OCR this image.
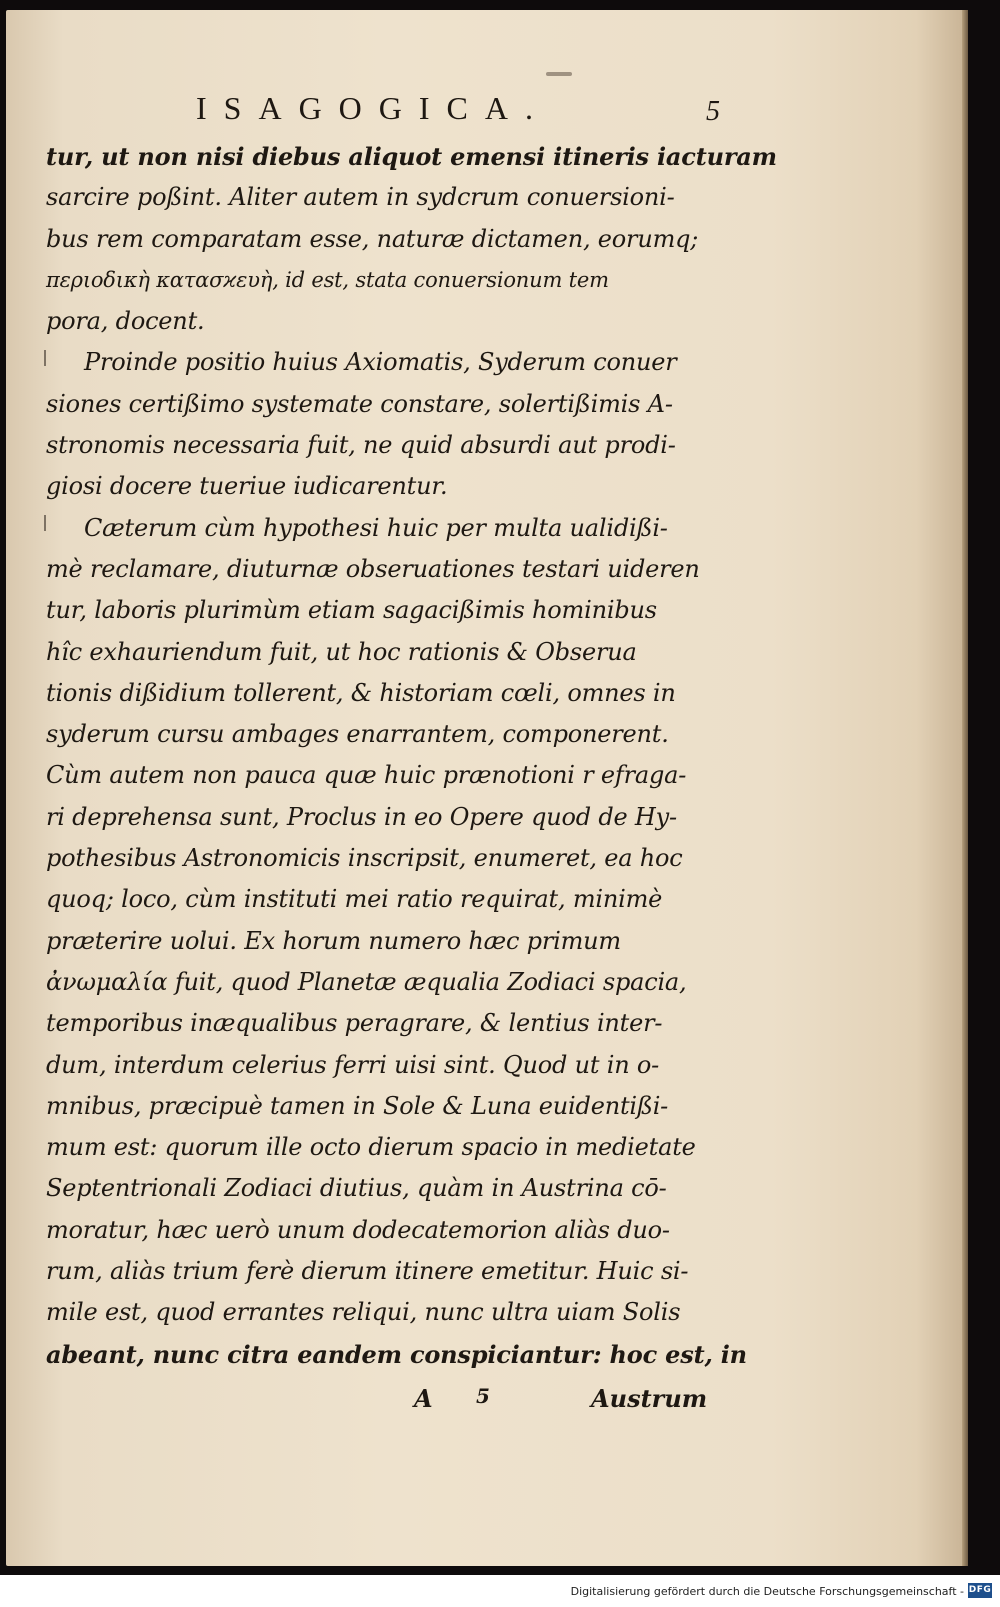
ISAGOGICA.	5
tur, ut non nisi diebus aliquot emensi itineris iacturam
sarcire poßint. Aliter autem in sydcrum conuersioni-
bus rem comparatam esse, naturæ dictamen, eorumq;
περιοδικὴ κατασϰευὴ, id est, stata conuersionum tem
pora, docent.
Proinde positio huius Axiomatis, Syderum conuer
siones certißimo systemate constare, solertißimis A-
stronomis necessaria fuit, ne quid absurdi aut prodi-
giosi docere tueriue iudicarentur.
Cæterum cùm hypothesi huic per multa ualidißi-
mè reclamare, diuturnæ obseruationes testari uideren
tur, laboris plurimùm etiam sagacißimis hominibus
hîc exhauriendum fuit, ut hoc rationis & Obserua
tionis dißidium tollerent, & historiam cœli, omnes in
syderum cursu ambages enarrantem, componerent.
Cùm autem non pauca quæ huic prænotioni r efraga-
ri deprehensa sunt, Proclus in eo Opere quod de Hy-
pothesibus Astronomicis inscripsit, enumeret, ea hoc
quoq; loco, cùm instituti mei ratio requirat, minimè
præterire uolui. Ex horum numero hæc primum
ἀνωμαλία fuit, quod Planetæ æqualia Zodiaci spacia,
temporibus inæqualibus peragrare, & lentius inter-
dum, interdum celerius ferri uisi sint. Quod ut in o-
mnibus, præcipuè tamen in Sole & Luna euidentißi-
mum est: quorum ille octo dierum spacio in medietate
Septentrionali Zodiaci diutius, quàm in Austrina cō-
moratur, hæc uerò unum dodecatemorion aliàs duo-
rum, aliàs trium ferè dierum itinere emetitur. Huic si-
mile est, quod errantes reliqui, nunc ultra uiam Solis
abeant, nunc citra eandem conspiciantur: hoc est, in
A 5	Austrum
Digitalisierung gefördert durch die Deutsche Forschungsgemeinschaft - DFG
